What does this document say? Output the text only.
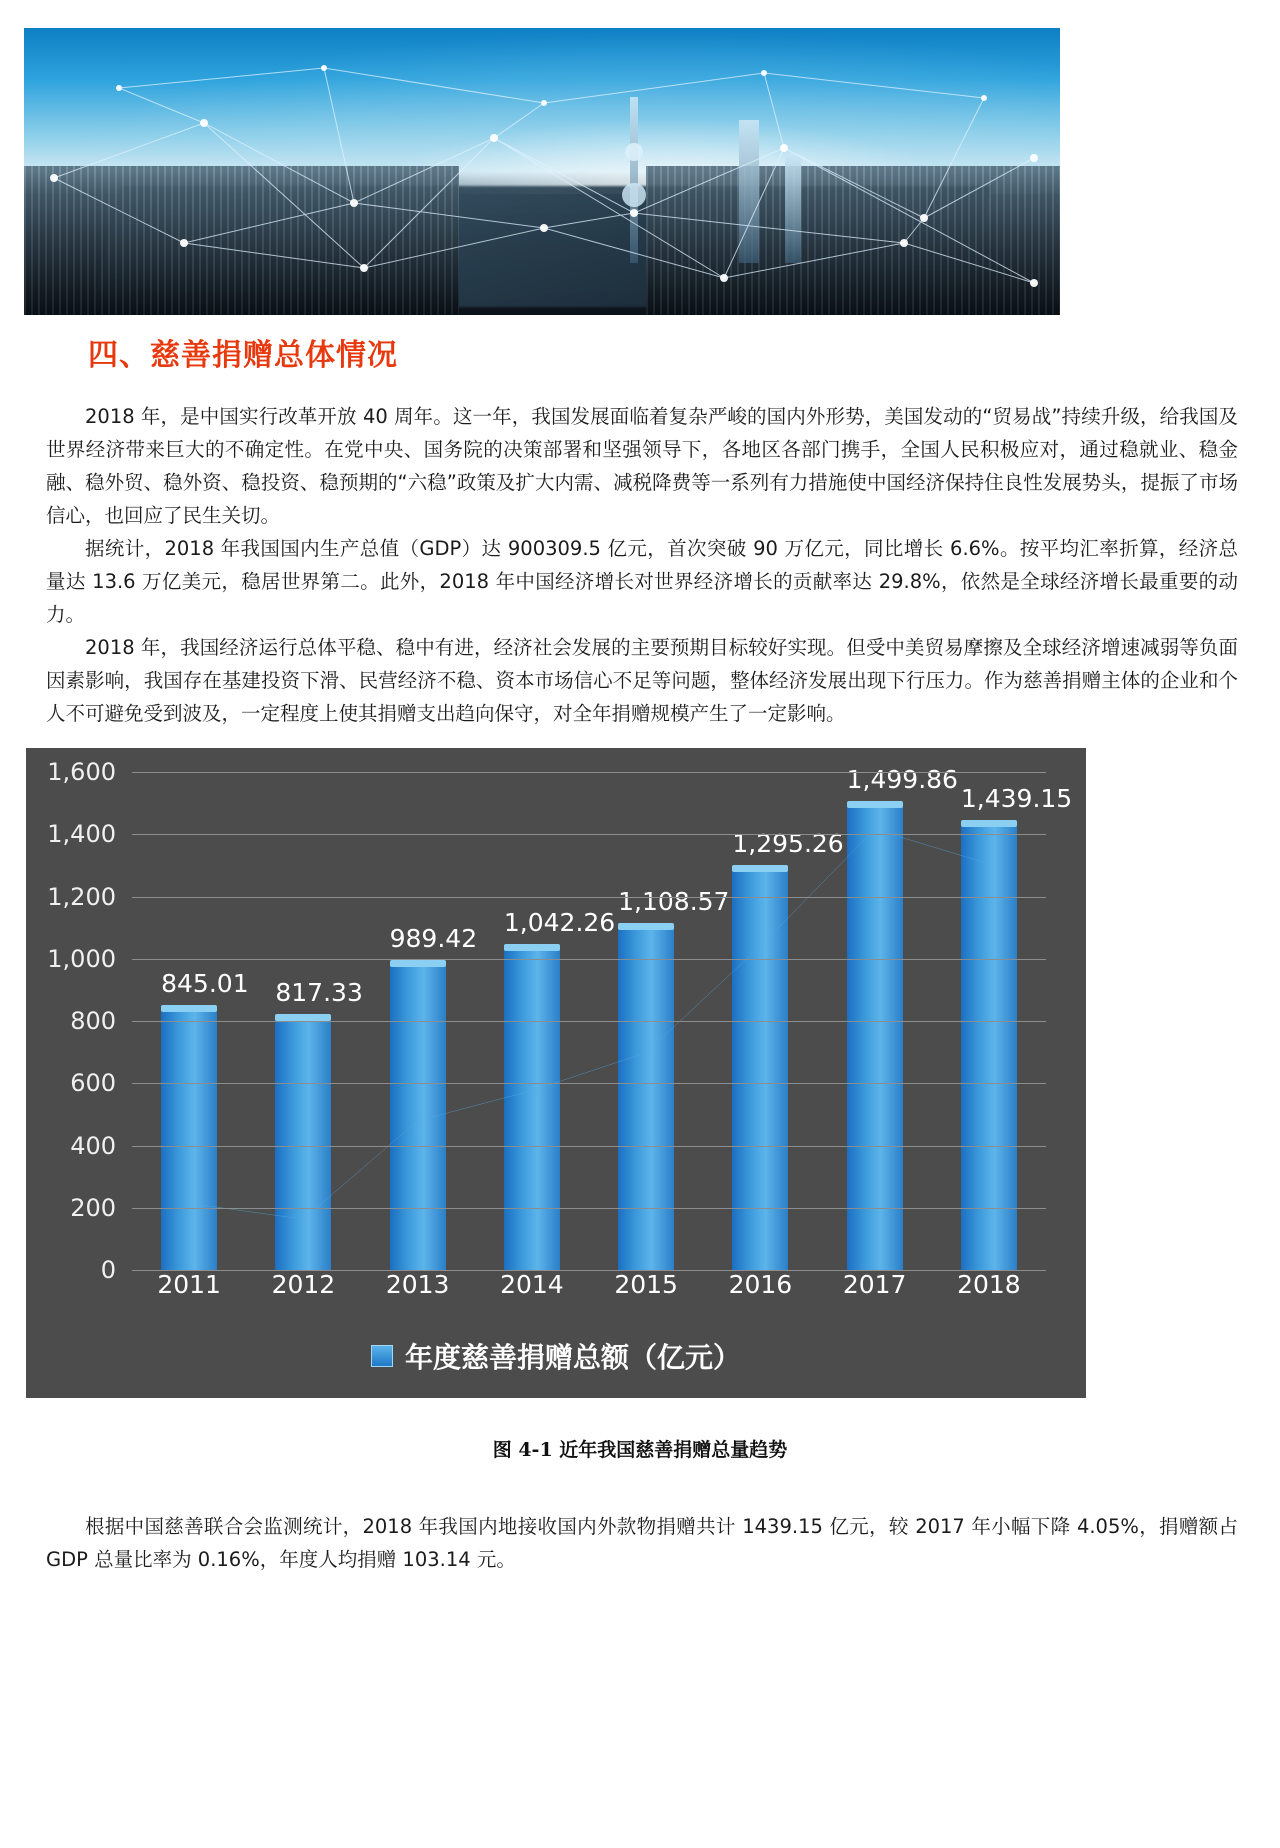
四、慈善捐赠总体情况

2018 年，是中国实行改革开放 40 周年。这一年，我国发展面临着复杂严峻的国内外形势，美国发动的“贸易战”持续升级，给我国及世界经济带来巨大的不确定性。在党中央、国务院的决策部署和坚强领导下，各地区各部门携手，全国人民积极应对，通过稳就业、稳金融、稳外贸、稳外资、稳投资、稳预期的“六稳”政策及扩大内需、减税降费等一系列有力措施使中国经济保持住良性发展势头，提振了市场信心，也回应了民生关切。

据统计，2018 年我国国内生产总值（GDP）达 900309.5 亿元，首次突破 90 万亿元，同比增长 6.6%。按平均汇率折算，经济总量达 13.6 万亿美元，稳居世界第二。此外，2018 年中国经济增长对世界经济增长的贡献率达 29.8%，依然是全球经济增长最重要的动力。

2018 年，我国经济运行总体平稳、稳中有进，经济社会发展的主要预期目标较好实现。但受中美贸易摩擦及全球经济增速减弱等负面因素影响，我国存在基建投资下滑、民营经济不稳、资本市场信心不足等问题，整体经济发展出现下行压力。作为慈善捐赠主体的企业和个人不可避免受到波及，一定程度上使其捐赠支出趋向保守，对全年捐赠规模产生了一定影响。

0
200
400
600
800
1,000
1,200
1,400
1,600
845.01 817.33
989.42
1,042.26
1,108.57
1,295.26
1,499.86
1,439.15
2011	2012	2013	2014	2015	2016	2017	2018
年度慈善捐赠总额（亿元）
图 4-1 近年我国慈善捐赠总量趋势

根据中国慈善联合会监测统计，2018 年我国内地接收国内外款物捐赠共计 1439.15 亿元，较 2017 年小幅下降 4.05%，捐赠额占 GDP 总量比率为 0.16%，年度人均捐赠 103.14 元。
